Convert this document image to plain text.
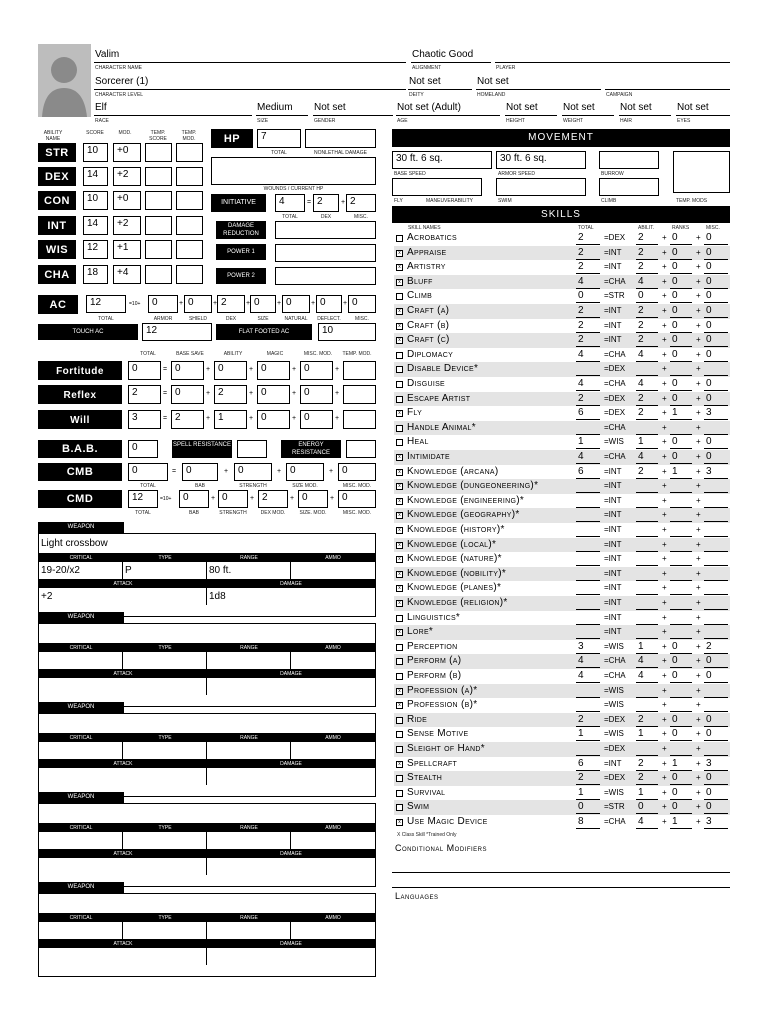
Valim
CHARACTER NAME
Chaotic Good
ALIGNMENT	PLAYER
Sorcerer (1)
CHARACTER LEVEL
Not set
DEITY
Not set
HOMELAND	CAMPAIGN
Elf
RACE
Medium
SIZE
Not set
GENDER
Not set (Adult)
AGE
Not set
HEIGHT
Not set
WEIGHT
Not set
HAIR
Not set
EYES
ABILITY NAME
SCORE	MOD.	TEMP. SCORE
TEMP. MOD.
STR
Strength
10	+0
DEX
Dexterity
14	+2
CON
Constitution
10	+0
INT
Intelligence
14	+2
WIS
Wisdom
12	+1
CHA
Charisma
18	+4
HP
Hit Points
7
TOTAL	NONLETHAL DAMAGE
WOUNDS / CURRENT HP
INITIATIVE	4	= 2	+ 2
TOTAL	DEX	MISC.
DAMAGE REDUCTION
POWER 1
POWER 2
AC
Armor Class
12	=10+	0	+ 0	+ 2	+ 0	+ 0	+ 0	+ 0
TOTAL	ARMOR	SHIELD	DEX	SIZE	NATURAL	DEFLECT.	MISC.
TOUCH AC	12	FLAT FOOTED AC	10
TOTAL	BASE SAVE	ABILITY	MAGIC	MISC. MOD.	TEMP. MOD.
Fortitude
Constitution
0	= 0	+ 0	+ 0	+ 0	+
Reflex
Dexterity
2	= 0	+ 2	+ 0	+ 0	+
Will
Wisdom
3	= 2	+ 1	+ 0	+ 0	+
B.A.B.	0	SPELL RESISTANCE	ENERGY RESISTANCE
CMB	0	= 0	+ 0	+ 0	+ 0
TOTAL	BAB	STRENGTH	SIZE MOD.	MISC. MOD.
CMD	12	=10+	0	+ 0	+ 2	+ 0	+ 0
TOTAL	BAB	STRENGTH	DEX MOD.	SIZE. MOD.	MISC. MOD.
WEAPON
Light crossbow
CRITICAL	TYPE	RANGE	AMMO
19-20/x2	P	80 ft.
ATTACK	DAMAGE
+2	1d8
WEAPON
CRITICAL	TYPE	RANGE	AMMO
ATTACK	DAMAGE
WEAPON
CRITICAL	TYPE	RANGE	AMMO
ATTACK	DAMAGE
WEAPON
CRITICAL	TYPE	RANGE	AMMO
ATTACK	DAMAGE
WEAPON
CRITICAL	TYPE	RANGE	AMMO
ATTACK	DAMAGE
MOVEMENT
30 ft. 6 sq.	30 ft. 6 sq.
BASE SPEED	ARMOR SPEED	BURROW
FLY	MANEUVERABILITY	SWIM	CLIMB	TEMP. MODS
SKILLS
SKILL NAMES	TOTAL	ABILIT.	RANKS	MISC.
Acrobatics	2	=DEX 2	+ 0	+ 0
x Appraise	2	=INT 2	+ 0	+ 0
x Artistry	2	=INT 2	+ 0	+ 0
x Bluff	4	=CHA 4	+ 0	+ 0
Climb	0	=STR 0	+ 0	+ 0
x Craft (a)	2	=INT 2	+ 0	+ 0
x Craft (b)	2	=INT 2	+ 0	+ 0
x Craft (c)	2	=INT 2	+ 0	+ 0
Diplomacy	4	=CHA 4	+ 0	+ 0
Disable Device*	=DEX	+	+
Disguise	4	=CHA 4	+ 0	+ 0
Escape Artist	2	=DEX 2	+ 0	+ 0
x Fly	6	=DEX 2	+ 1	+ 3
Handle Animal*	=CHA	+	+
Heal	1	=WIS 1	+ 0	+ 0
x Intimidate	4	=CHA 4	+ 0	+ 0
x Knowledge (arcana)	6	=INT 2	+ 1	+ 3
x Knowledge (dungeoneering)*	=INT	+	+
x Knowledge (engineering)*	=INT	+	+
x Knowledge (geography)*	=INT	+	+
x Knowledge (history)*	=INT	+	+
x Knowledge (local)*	=INT	+	+
x Knowledge (nature)*	=INT	+	+
x Knowledge (nobility)*	=INT	+	+
x Knowledge (planes)*	=INT	+	+
x Knowledge (religion)*	=INT	+	+
Linguistics*	=INT	+	+
x Lore*	=INT	+	+
Perception	3	=WIS 1	+ 0	+ 2
Perform (a)	4	=CHA 4	+ 0	+ 0
Perform (b)	4	=CHA 4	+ 0	+ 0
x Profession (a)*	=WIS	+	+
x Profession (b)*	=WIS	+	+
Ride	2	=DEX 2	+ 0	+ 0
Sense Motive	1	=WIS 1	+ 0	+ 0
Sleight of Hand*	=DEX	+	+
x Spellcraft	6	=INT 2	+ 1	+ 3
Stealth	2	=DEX 2	+ 0	+ 0
Survival	1	=WIS 1	+ 0	+ 0
Swim	0	=STR 0	+ 0	+ 0
x Use Magic Device	8	=CHA 4	+ 1	+ 3
X Class Skill *Trained Only
Conditional Modifiers
Languages
